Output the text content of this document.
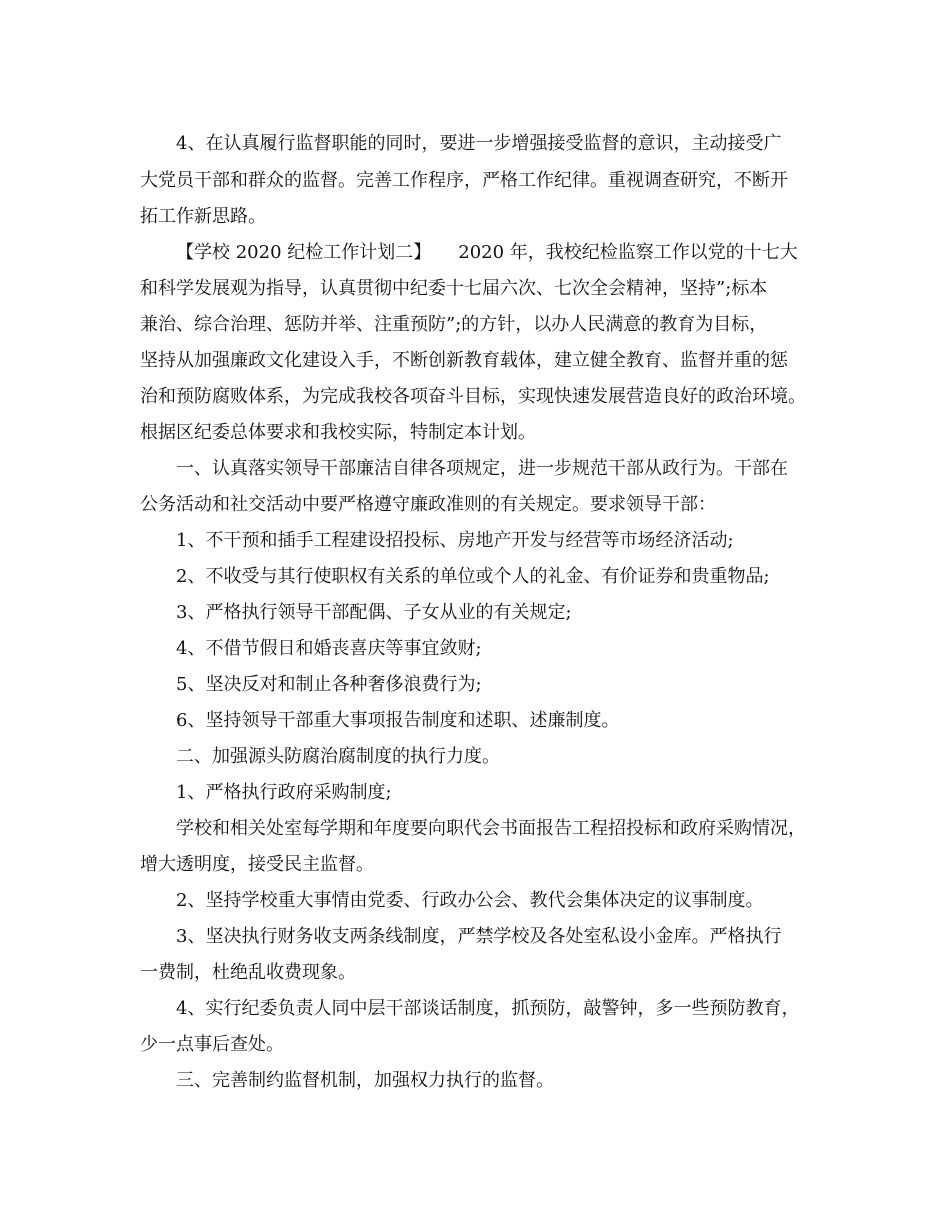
4、在认真履行监督职能的同时，要进一步增强接受监督的意识，主动接受广
大党员干部和群众的监督。完善工作程序，严格工作纪律。重视调查研究，不断开
拓工作新思路。
【学校 2020 纪检工作计划二】　　2020 年，我校纪检监察工作以党的十七大
和科学发展观为指导，认真贯彻中纪委十七届六次、七次全会精神，坚持”;标本
兼治、综合治理、惩防并举、注重预防”;的方针，以办人民满意的教育为目标，
坚持从加强廉政文化建设入手，不断创新教育载体，建立健全教育、监督并重的惩
治和预防腐败体系，为完成我校各项奋斗目标，实现快速发展营造良好的政治环境。
根据区纪委总体要求和我校实际，特制定本计划。
一、认真落实领导干部廉洁自律各项规定，进一步规范干部从政行为。干部在
公务活动和社交活动中要严格遵守廉政准则的有关规定。要求领导干部：
1、不干预和插手工程建设招投标、房地产开发与经营等市场经济活动;
2、不收受与其行使职权有关系的单位或个人的礼金、有价证券和贵重物品;
3、严格执行领导干部配偶、子女从业的有关规定;
4、不借节假日和婚丧喜庆等事宜敛财;
5、坚决反对和制止各种奢侈浪费行为;
6、坚持领导干部重大事项报告制度和述职、述廉制度。
二、加强源头防腐治腐制度的执行力度。
1、严格执行政府采购制度;
学校和相关处室每学期和年度要向职代会书面报告工程招投标和政府采购情况，
增大透明度，接受民主监督。
2、坚持学校重大事情由党委、行政办公会、教代会集体决定的议事制度。
3、坚决执行财务收支两条线制度，严禁学校及各处室私设小金库。严格执行
一费制，杜绝乱收费现象。
4、实行纪委负责人同中层干部谈话制度，抓预防，敲警钟，多一些预防教育，
少一点事后查处。
三、完善制约监督机制，加强权力执行的监督。
